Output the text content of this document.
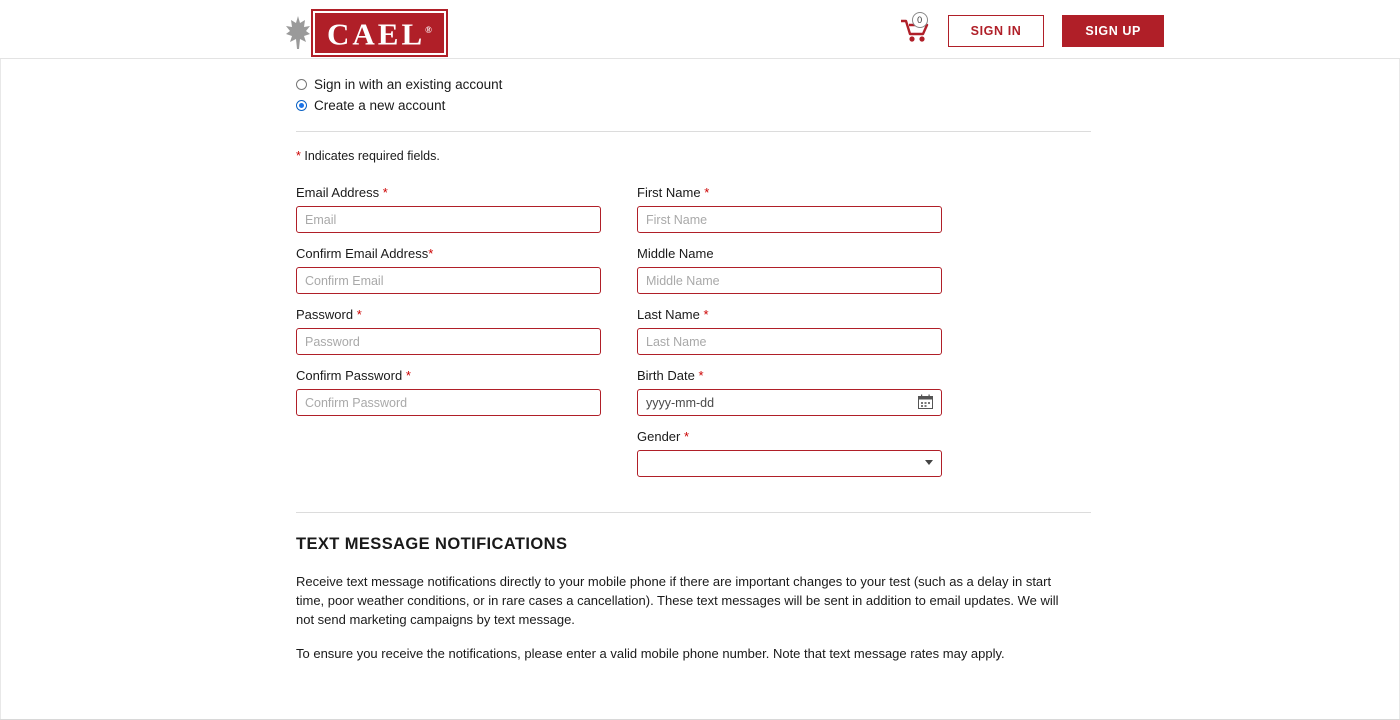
CAEL®
0
SIGN IN	SIGN UP
Sign in with an existing account
Create a new account
* Indicates required fields.
Email Address *
Email
Confirm Email Address*
Confirm Email
Password *
Password
Confirm Password *
Confirm Password
First Name *
First Name
Middle Name
Middle Name
Last Name *
Last Name
Birth Date *
yyyy-mm-dd
Gender *
TEXT MESSAGE NOTIFICATIONS
Receive text message notifications directly to your mobile phone if there are important changes to your test (such as a delay in start time, poor weather conditions, or in rare cases a cancellation). These text messages will be sent in addition to email updates. We will not send marketing campaigns by text message.
To ensure you receive the notifications, please enter a valid mobile phone number. Note that text message rates may apply.
